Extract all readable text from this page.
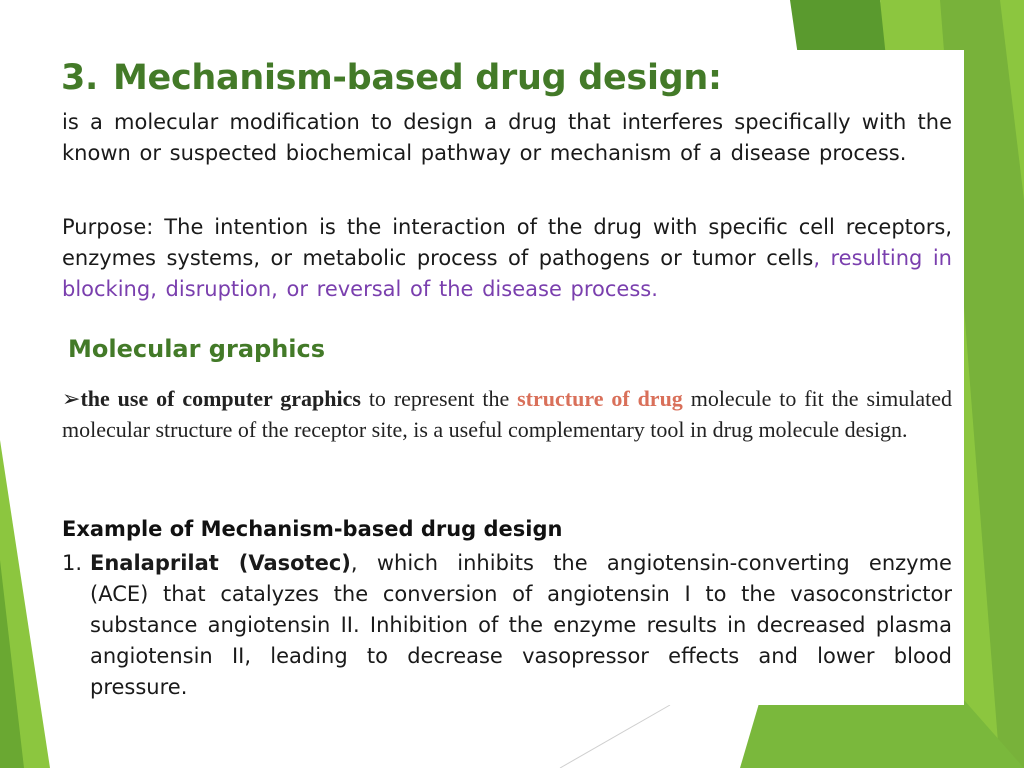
3. Mechanism-based drug design:

is a molecular modification to design a drug that interferes specifically with the known or suspected biochemical pathway or mechanism of a disease process.

Purpose: The intention is the interaction of the drug with specific cell receptors, enzymes systems, or metabolic process of pathogens or tumor cells, resulting in blocking, disruption, or reversal of the disease process.

Molecular graphics

➢the use of computer graphics to represent the structure of drug molecule to fit the simulated molecular structure of the receptor site, is a useful complementary tool in drug molecule design.

Example of Mechanism-based drug design

1. Enalaprilat (Vasotec), which inhibits the angiotensin-converting enzyme (ACE) that catalyzes the conversion of angiotensin I to the vasoconstrictor substance angiotensin II. Inhibition of the enzyme results in decreased plasma angiotensin II, leading to decrease vasopressor effects and lower blood pressure.
